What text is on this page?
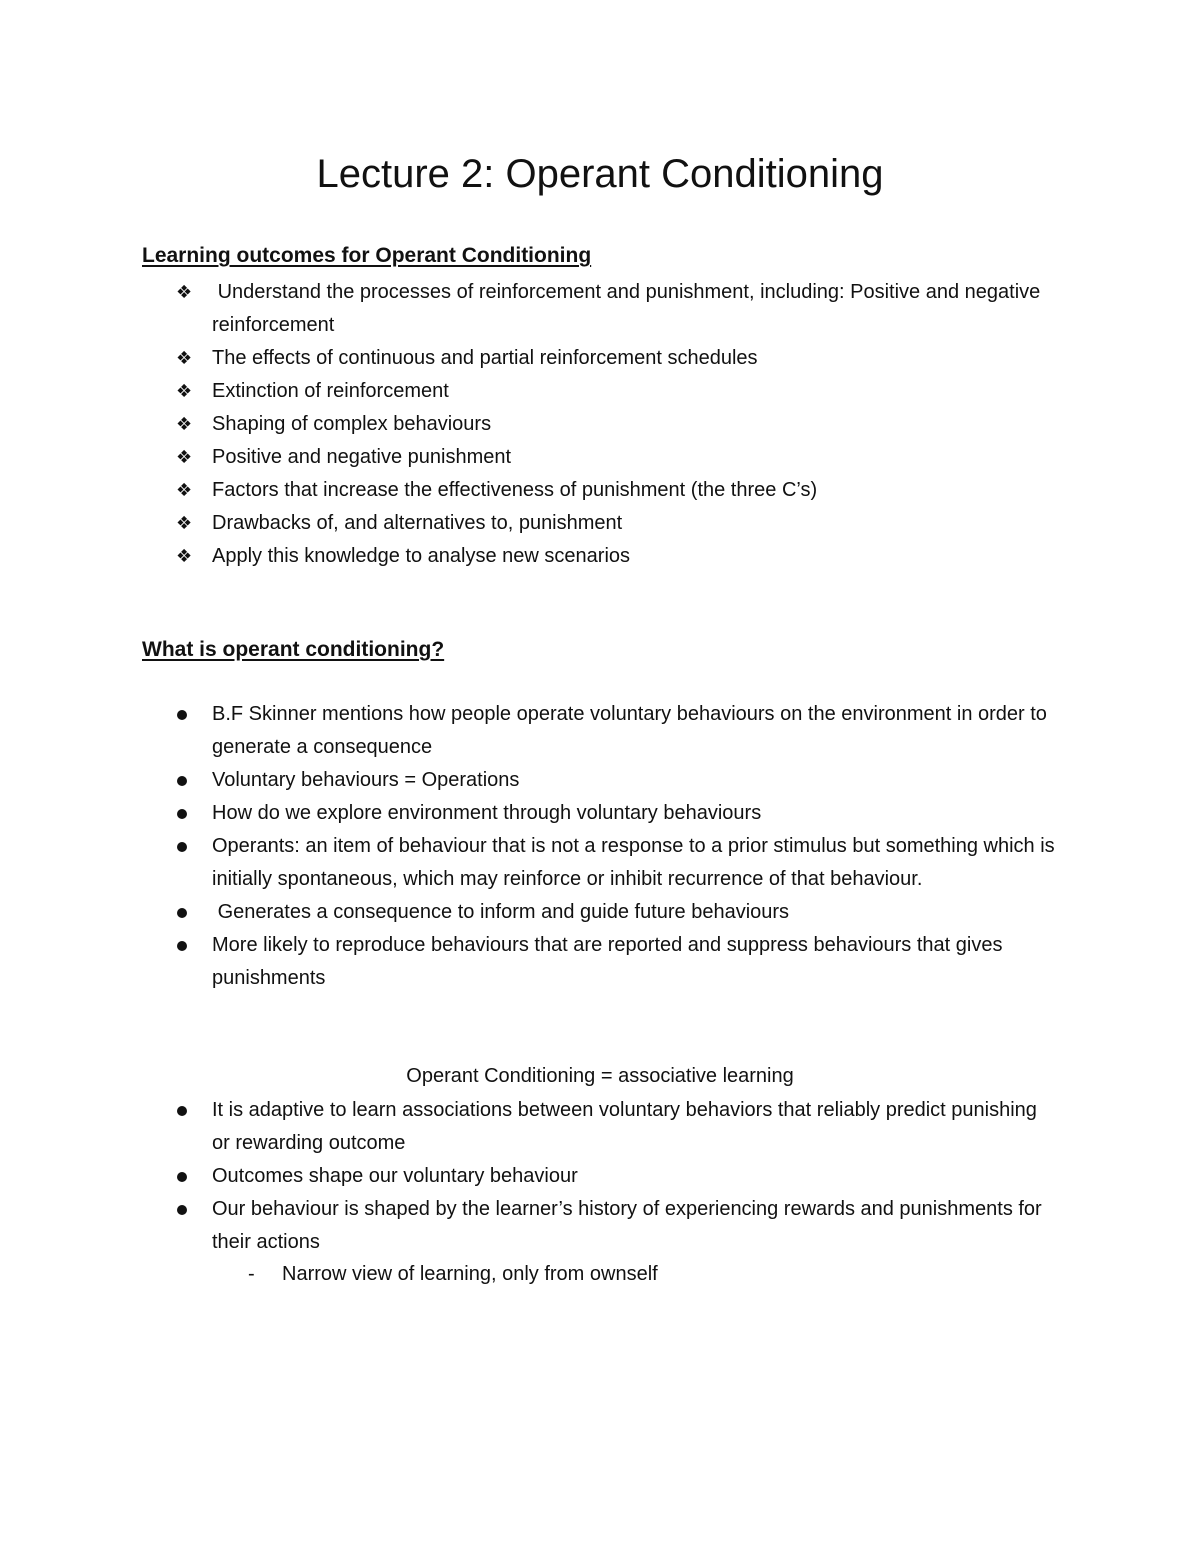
Lecture 2: Operant Conditioning
Learning outcomes for Operant Conditioning
❖ Understand the processes of reinforcement and punishment, including: Positive and negative reinforcement
❖ The effects of continuous and partial reinforcement schedules
❖ Extinction of reinforcement
❖ Shaping of complex behaviours
❖ Positive and negative punishment
❖ Factors that increase the effectiveness of punishment (the three C’s)
❖ Drawbacks of, and alternatives to, punishment
❖ Apply this knowledge to analyse new scenarios
What is operant conditioning?
B.F Skinner mentions how people operate voluntary behaviours on the environment in order to generate a consequence
Voluntary behaviours = Operations
How do we explore environment through voluntary behaviours
Operants: an item of behaviour that is not a response to a prior stimulus but something which is initially spontaneous, which may reinforce or inhibit recurrence of that behaviour.
Generates a consequence to inform and guide future behaviours
More likely to reproduce behaviours that are reported and suppress behaviours that gives punishments
Operant Conditioning = associative learning
It is adaptive to learn associations between voluntary behaviors that reliably predict punishing or rewarding outcome
Outcomes shape our voluntary behaviour
Our behaviour is shaped by the learner’s history of experiencing rewards and punishments for their actions
- Narrow view of learning, only from ownself
